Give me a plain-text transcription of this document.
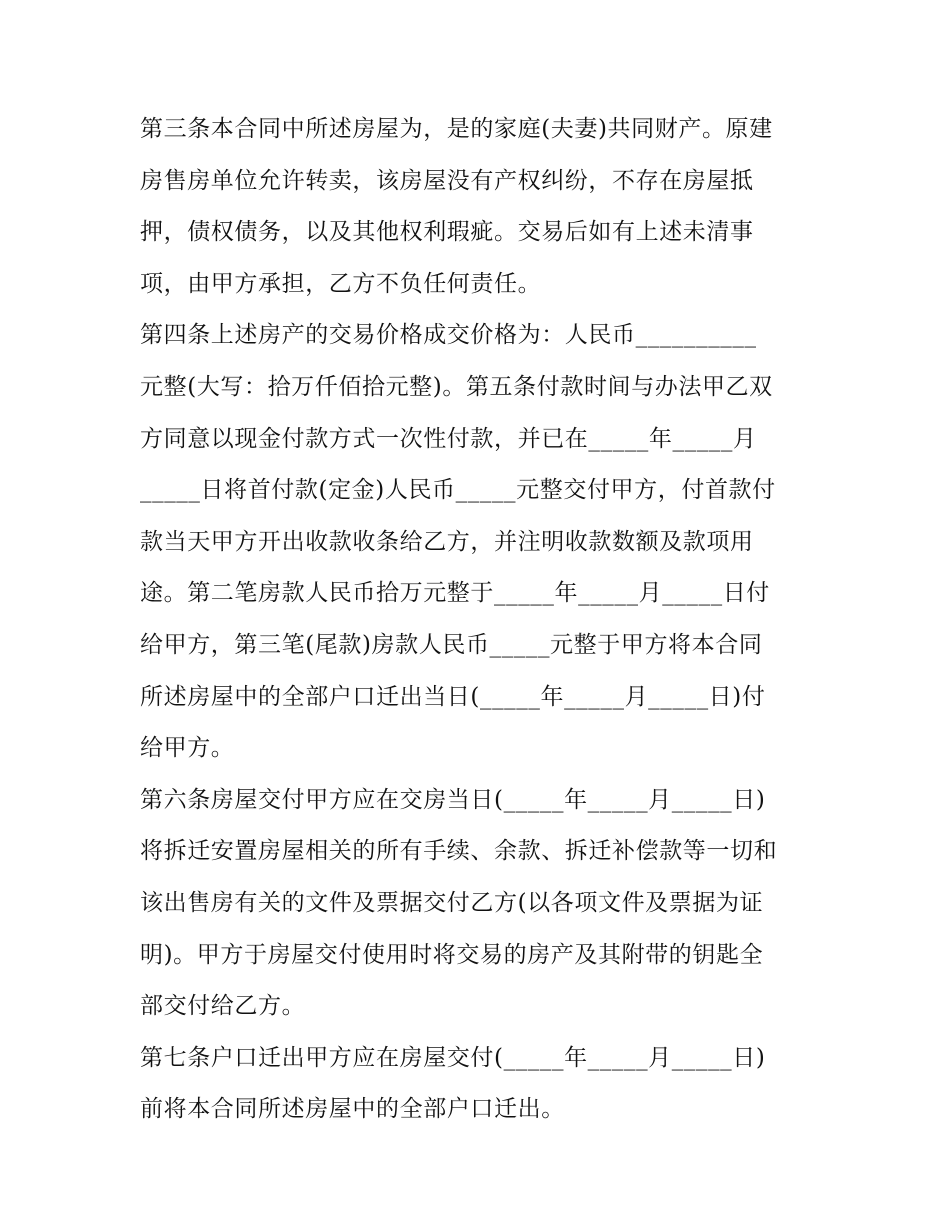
第三条本合同中所述房屋为，是的家庭(夫妻)共同财产。原建
房售房单位允许转卖，该房屋没有产权纠纷，不存在房屋抵
押，债权债务，以及其他权利瑕疵。交易后如有上述未清事
项，由甲方承担，乙方不负任何责任。
第四条上述房产的交易价格成交价格为：人民币__________
元整(大写：拾万仟佰拾元整)。第五条付款时间与办法甲乙双
方同意以现金付款方式一次性付款，并已在_____年_____月
_____日将首付款(定金)人民币_____元整交付甲方，付首款付
款当天甲方开出收款收条给乙方，并注明收款数额及款项用
途。第二笔房款人民币拾万元整于_____年_____月_____日付
给甲方，第三笔(尾款)房款人民币_____元整于甲方将本合同
所述房屋中的全部户口迁出当日(_____年_____月_____日)付
给甲方。
第六条房屋交付甲方应在交房当日(_____年_____月_____日)
将拆迁安置房屋相关的所有手续、余款、拆迁补偿款等一切和
该出售房有关的文件及票据交付乙方(以各项文件及票据为证
明)。甲方于房屋交付使用时将交易的房产及其附带的钥匙全
部交付给乙方。
第七条户口迁出甲方应在房屋交付(_____年_____月_____日)
前将本合同所述房屋中的全部户口迁出。
